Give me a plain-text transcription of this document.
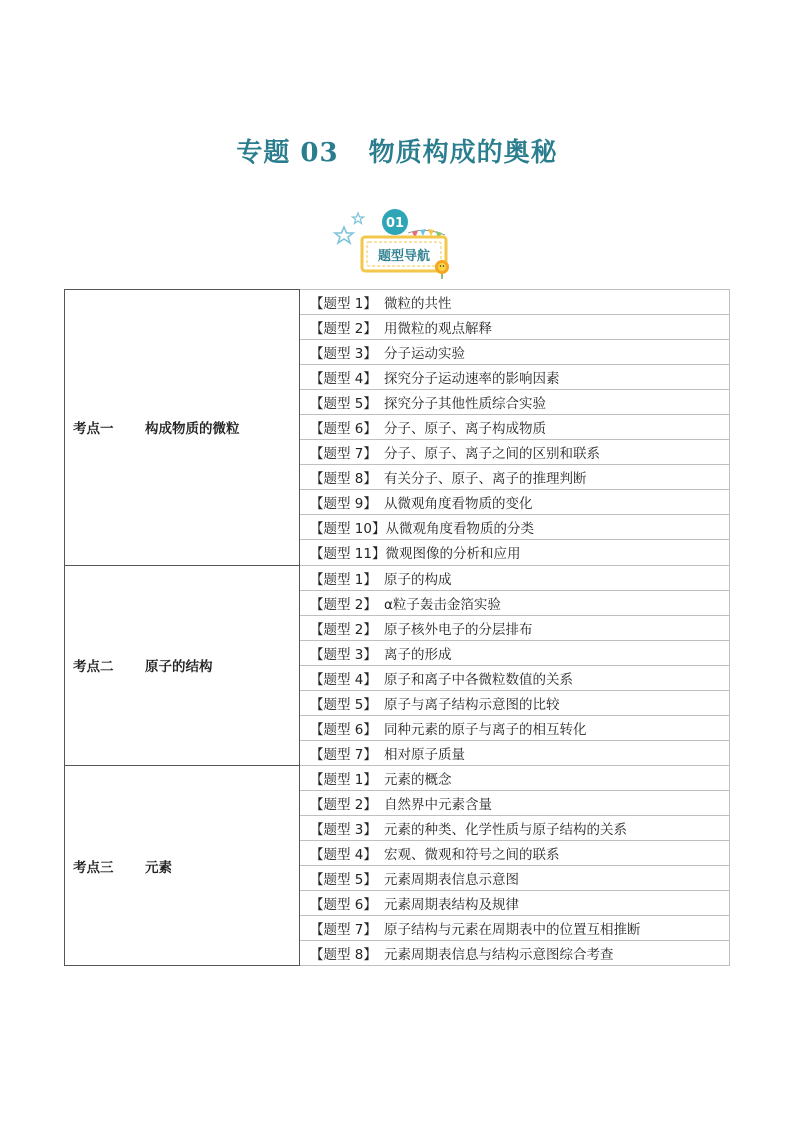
专题 03 物质构成的奥秘
题型导航
01
考点一 构成物质的微粒	【题型 1】 微粒的共性
	【题型 2】 用微粒的观点解释
	【题型 3】 分子运动实验
	【题型 4】 探究分子运动速率的影响因素
	【题型 5】 探究分子其他性质综合实验
	【题型 6】 分子、原子、离子构成物质
	【题型 7】 分子、原子、离子之间的区别和联系
	【题型 8】 有关分子、原子、离子的推理判断
	【题型 9】 从微观角度看物质的变化
	【题型 10】从微观角度看物质的分类
	【题型 11】微观图像的分析和应用
考点二 原子的结构	【题型 1】 原子的构成
	【题型 2】 α粒子轰击金箔实验
	【题型 2】 原子核外电子的分层排布
	【题型 3】 离子的形成
	【题型 4】 原子和离子中各微粒数值的关系
	【题型 5】 原子与离子结构示意图的比较
	【题型 6】 同种元素的原子与离子的相互转化
	【题型 7】 相对原子质量
考点三 元素	【题型 1】 元素的概念
	【题型 2】 自然界中元素含量
	【题型 3】 元素的种类、化学性质与原子结构的关系
	【题型 4】 宏观、微观和符号之间的联系
	【题型 5】 元素周期表信息示意图
	【题型 6】 元素周期表结构及规律
	【题型 7】 原子结构与元素在周期表中的位置互相推断
	【题型 8】 元素周期表信息与结构示意图综合考查
